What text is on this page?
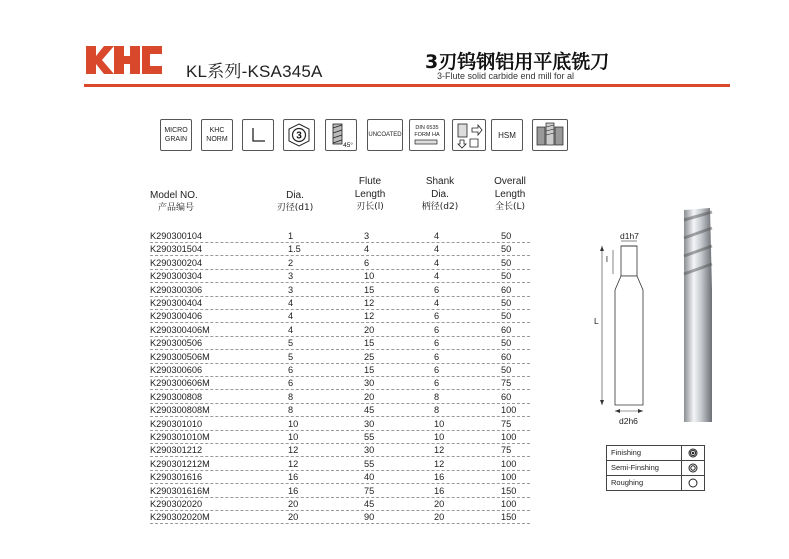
KL系列-KSA345A	3刃钨钢铝用平底铣刀
3-Flute solid carbide end mill for al
MICRO GRAIN
KHC NORM	3
45°
UNCOATED
DIN 6535 FORM HA	HSM
Model NO.
产品编号
Dia.
刃径(d1)
Flute
Length
刃长(l)
Shank
Dia.
柄径(d2)
Overall
Length
全长(L)
K290300104	1	3	4	50
K290301504	1.5	4	4	50
K290300204	2	6	4	50
K290300304	3	10	4	50
K290300306	3	15	6	60
K290300404	4	12	4	50
K290300406	4	12	6	50
K290300406M	4	20	6	60
K290300506	5	15	6	50
K290300506M	5	25	6	60
K290300606	6	15	6	50
K290300606M	6	30	6	75
K290300808	8	20	8	60
K290300808M	8	45	8	100
K290301010	10	30	10	75
K290301010M	10	55	10	100
K290301212	12	30	12	75
K290301212M	12	55	12	100
K290301616	16	40	16	100
K290301616M	16	75	16	150
K290302020	20	45	20	100
K290302020M	20	90	20	150
d1h7
l
L
d2h6
Finishing
Semi-Finshing
Roughing
